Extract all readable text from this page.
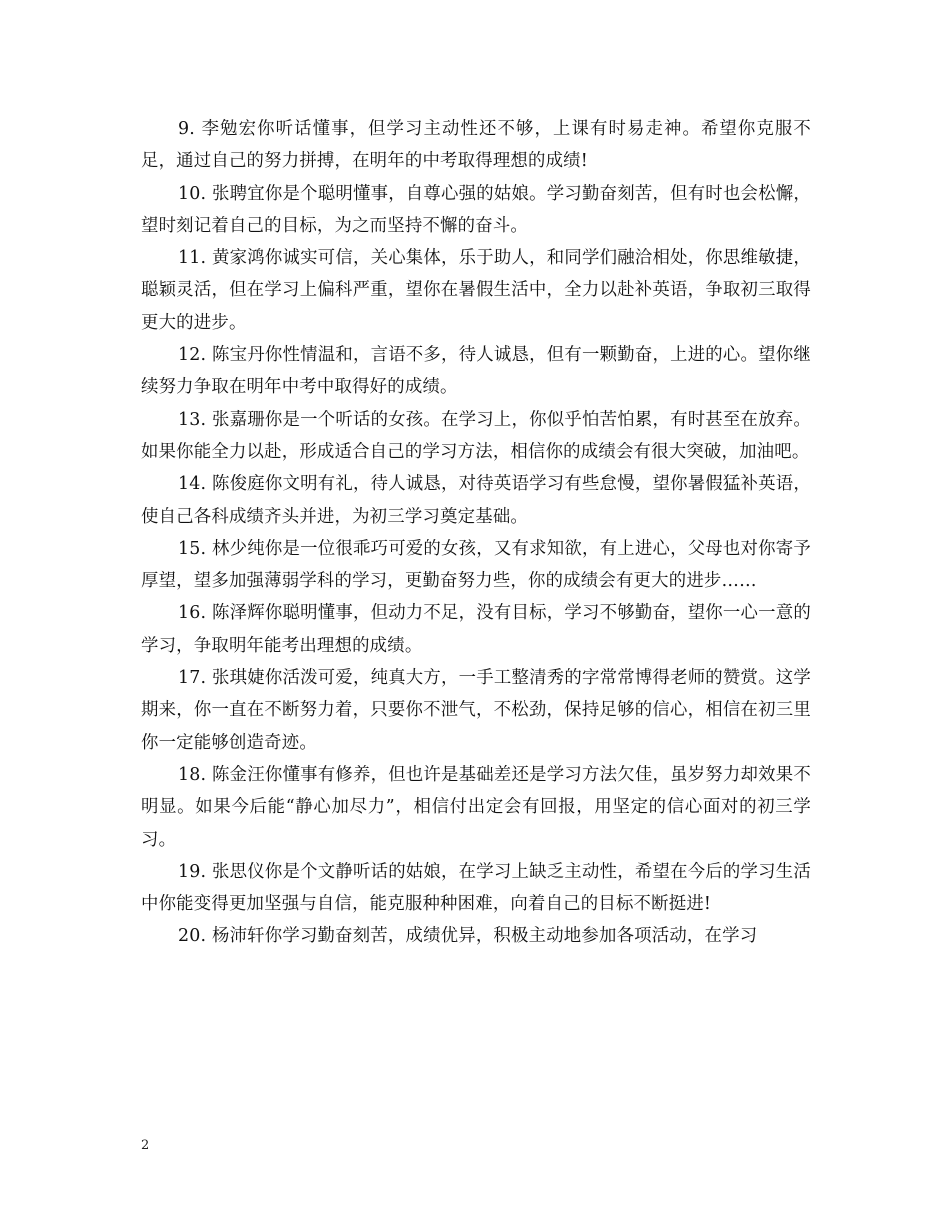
9. 李勉宏你听话懂事，但学习主动性还不够，上课有时易走神。希望你克服不足，通过自己的努力拼搏，在明年的中考取得理想的成绩!

10. 张聘宜你是个聪明懂事，自尊心强的姑娘。学习勤奋刻苦，但有时也会松懈，望时刻记着自己的目标，为之而坚持不懈的奋斗。

11. 黄家鸿你诚实可信，关心集体，乐于助人，和同学们融洽相处，你思维敏捷，聪颖灵活，但在学习上偏科严重，望你在暑假生活中，全力以赴补英语，争取初三取得更大的进步。

12. 陈宝丹你性情温和，言语不多，待人诚恳，但有一颗勤奋，上进的心。望你继续努力争取在明年中考中取得好的成绩。

13. 张嘉珊你是一个听话的女孩。在学习上，你似乎怕苦怕累，有时甚至在放弃。如果你能全力以赴，形成适合自己的学习方法，相信你的成绩会有很大突破，加油吧。

14. 陈俊庭你文明有礼，待人诚恳，对待英语学习有些怠慢，望你暑假猛补英语，使自己各科成绩齐头并进，为初三学习奠定基础。

15. 林少纯你是一位很乖巧可爱的女孩，又有求知欲，有上进心，父母也对你寄予厚望，望多加强薄弱学科的学习，更勤奋努力些，你的成绩会有更大的进步……

16. 陈泽辉你聪明懂事，但动力不足，没有目标，学习不够勤奋，望你一心一意的学习，争取明年能考出理想的成绩。

17. 张琪婕你活泼可爱，纯真大方，一手工整清秀的字常常博得老师的赞赏。这学期来，你一直在不断努力着，只要你不泄气，不松劲，保持足够的信心，相信在初三里你一定能够创造奇迹。

18. 陈金汪你懂事有修养，但也许是基础差还是学习方法欠佳，虽岁努力却效果不明显。如果今后能“静心加尽力”，相信付出定会有回报，用坚定的信心面对的初三学习。

19. 张思仪你是个文静听话的姑娘，在学习上缺乏主动性，希望在今后的学习生活中你能变得更加坚强与自信，能克服种种困难，向着自己的目标不断挺进!

20. 杨沛轩你学习勤奋刻苦，成绩优异，积极主动地参加各项活动，在学习

2
